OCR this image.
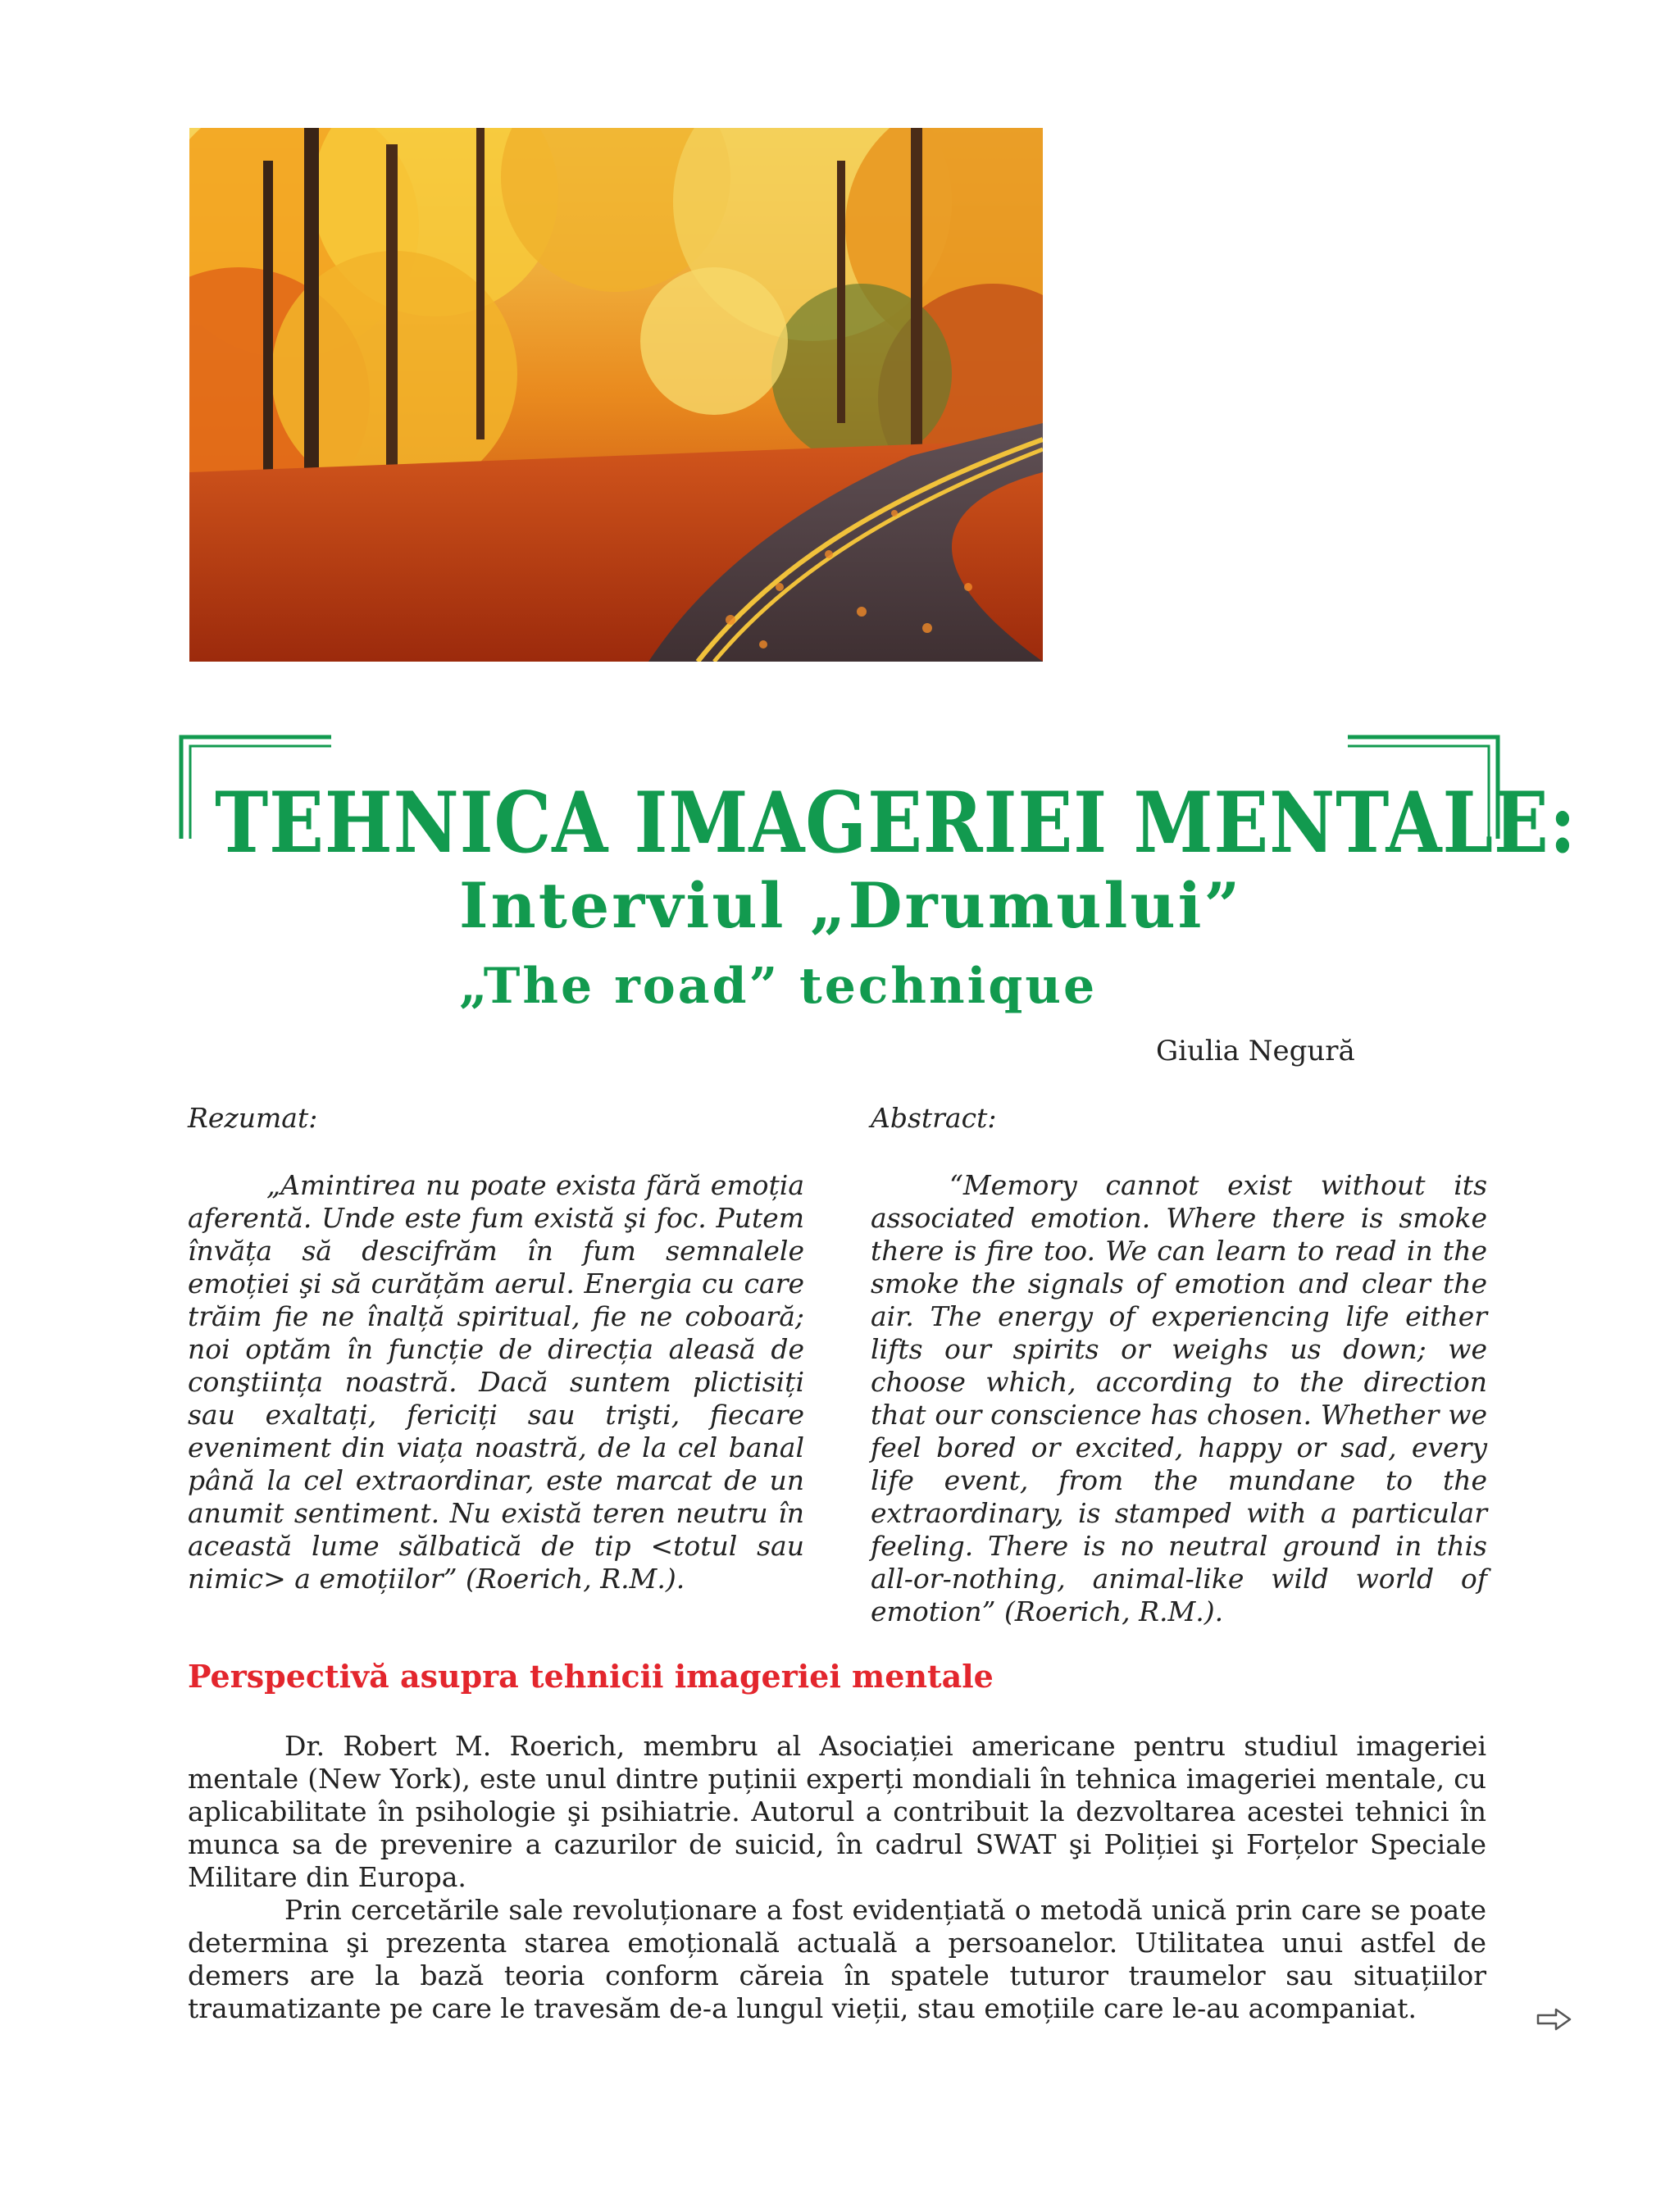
TEHNICA IMAGERIEI MENTALE:
Interviul „Drumului”
„The road” technique
Giulia Negură
Rezumat:

„Amintirea nu poate exista fără emoția aferentă. Unde este fum există şi foc. Putem învăța să descifrăm în fum semnalele emoției şi să curățăm aerul. Energia cu care trăim fie ne înalță spiritual, fie ne coboară; noi optăm în funcție de direcția aleasă de conştiința noastră. Dacă suntem plictisiți sau exaltați, fericiți sau trişti, fiecare eveniment din viața noastră, de la cel banal până la cel extraordinar, este marcat de un anumit sentiment. Nu există teren neutru în această lume sălbatică de tip <totul sau nimic> a emoțiilor” (Roerich, R.M.).

Abstract:

“Memory cannot exist without its associated emotion. Where there is smoke there is fire too. We can learn to read in the smoke the signals of emotion and clear the air. The energy of experiencing life either lifts our spirits or weighs us down; we choose which, according to the direction that our conscience has chosen. Whether we feel bored or excited, happy or sad, every life event, from the mundane to the extraordinary, is stamped with a particular feeling. There is no neutral ground in this all-or-nothing, animal-like wild world of emotion” (Roerich, R.M.).

Perspectivă asupra tehnicii imageriei mentale

Dr. Robert M. Roerich, membru al Asociației americane pentru studiul imageriei mentale (New York), este unul dintre puținii experți mondiali în tehnica imageriei mentale, cu aplicabilitate în psihologie şi psihiatrie. Autorul a contribuit la dezvoltarea acestei tehnici în munca sa de prevenire a cazurilor de suicid, în cadrul SWAT şi Poliției şi Forțelor Speciale Militare din Europa.

Prin cercetările sale revoluționare a fost evidențiată o metodă unică prin care se poate determina şi prezenta starea emoțională actuală a persoanelor. Utilitatea unui astfel de demers are la bază teoria conform căreia în spatele tuturor traumelor sau situațiilor traumatizante pe care le travesăm de-a lungul vieții, stau emoțiile care le-au acompaniat.
